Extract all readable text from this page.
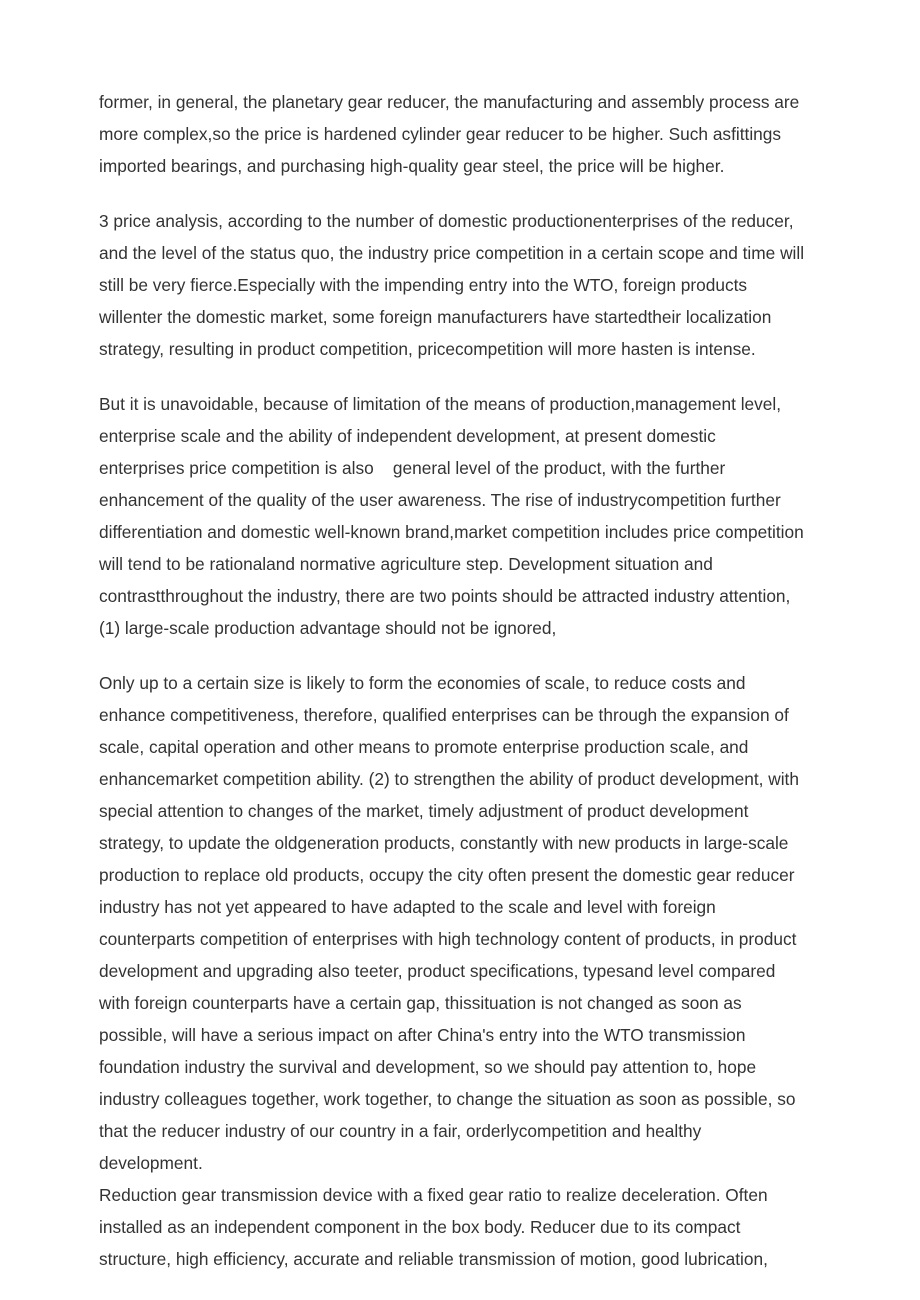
former, in general, the planetary gear reducer, the manufacturing and assembly process are
more complex,so the price is hardened cylinder gear reducer to be higher. Such asfittings
imported bearings, and purchasing high-quality gear steel, the price will be higher.

3 price analysis, according to the number of domestic productionenterprises of the reducer,
and the level of the status quo, the industry price competition in a certain scope and time will
still be very fierce.Especially with the impending entry into the WTO, foreign products
willenter the domestic market, some foreign manufacturers have startedtheir localization
strategy, resulting in product competition, pricecompetition will more hasten is intense.

But it is unavoidable, because of limitation of the means of production,management level,
enterprise scale and the ability of independent development, at present domestic
enterprises price competition is also    general level of the product, with the further
enhancement of the quality of the user awareness. The rise of industrycompetition further
differentiation and domestic well-known brand,market competition includes price competition
will tend to be rationaland normative agriculture step. Development situation and
contrastthroughout the industry, there are two points should be attracted industry attention,
(1) large-scale production advantage should not be ignored,

Only up to a certain size is likely to form the economies of scale, to reduce costs and
enhance competitiveness, therefore, qualified enterprises can be through the expansion of
scale, capital operation and other means to promote enterprise production scale, and
enhancemarket competition ability. (2) to strengthen the ability of product development, with
special attention to changes of the market, timely adjustment of product development
strategy, to update the oldgeneration products, constantly with new products in large-scale
production to replace old products, occupy the city often present the domestic gear reducer
industry has not yet appeared to have adapted to the scale and level with foreign
counterparts competition of enterprises with high technology content of products, in product
development and upgrading also teeter, product specifications, typesand level compared
with foreign counterparts have a certain gap, thissituation is not changed as soon as
possible, will have a serious impact on after China's entry into the WTO transmission
foundation industry the survival and development, so we should pay attention to, hope
industry colleagues together, work together, to change the situation as soon as possible, so
that the reducer industry of our country in a fair, orderlycompetition and healthy
development.

Reduction gear transmission device with a fixed gear ratio to realize deceleration. Often
installed as an independent component in the box body. Reducer due to its compact
structure, high efficiency, accurate and reliable transmission of motion, good lubrication,
